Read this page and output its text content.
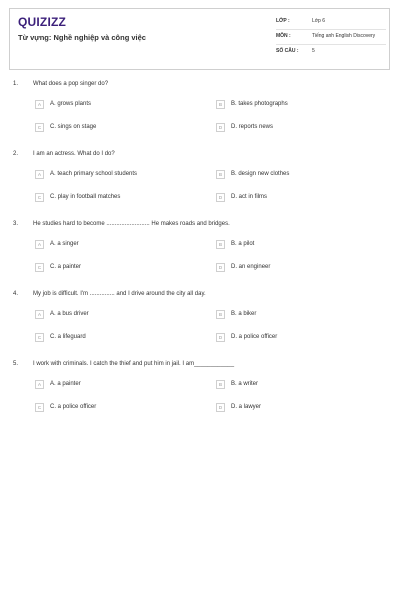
QUIZIZZ
Từ vựng: Nghề nghiệp và công việc
LỚP :	Lớp 6
MÔN :	Tiếng anh English Discovery
SỐ CÂU :	5
1. What does a pop singer do?
A	A. grows plants	B	B. takes photographs
C	C. sings on stage	D	D. reports news
2. I am an actress. What do I do?
A	A. teach primary school students	B	B. design new clothes
C	C. play in football matches	D	D. act in films
3. He studies hard to become .......................... He makes roads and bridges.
A	A. a singer	B	B. a pilot
C	C. a painter	D	D. an engineer
4. My job is difficult. I'm ............... and I drive around the city all day.
A	A. a bus driver	B	B. a biker
C	C. a lifeguard	D	D. a police officer
5. I work with criminals. I catch the thief and put him in jail. I am____________
A	A. a painter	B	B. a writer
C	C. a police officer	D	D. a lawyer
